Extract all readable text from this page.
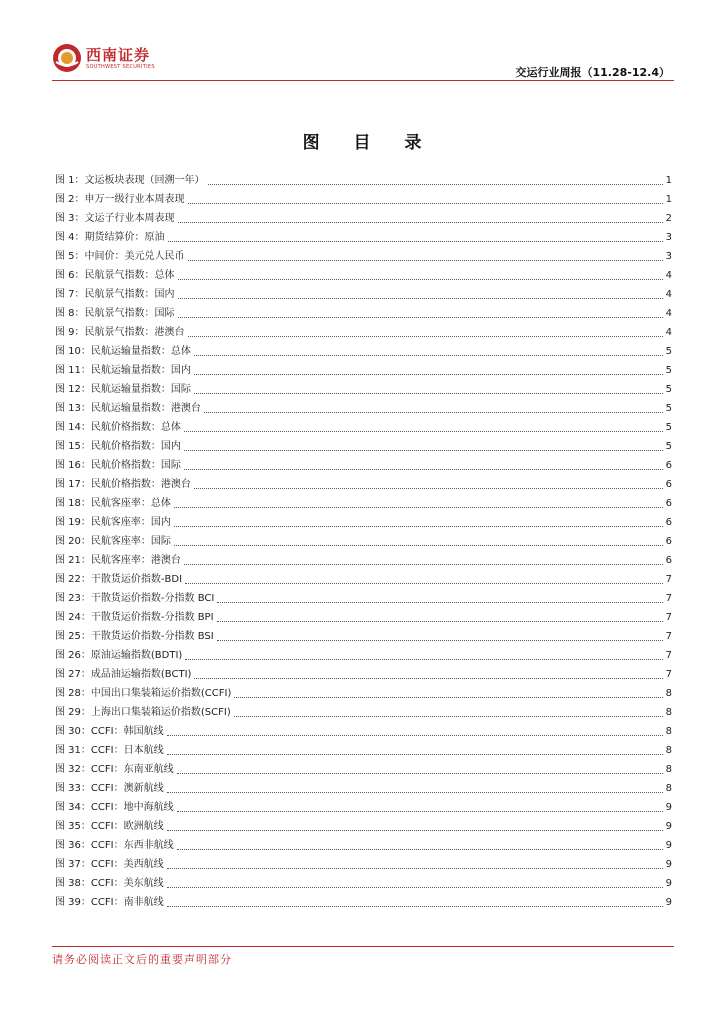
西南证券
SOUTHWEST SECURITIES	交运行业周报（11.28-12.4）
图 目 录
图 1：文运板块表现（回溯一年）	1
图 2：申万一级行业本周表现	1
图 3：文运子行业本周表现	2
图 4：期货结算价：原油	3
图 5：中间价：美元兑人民币	3
图 6：民航景气指数：总体	4
图 7：民航景气指数：国内	4
图 8：民航景气指数：国际	4
图 9：民航景气指数：港澳台	4
图 10：民航运输量指数：总体	5
图 11：民航运输量指数：国内	5
图 12：民航运输量指数：国际	5
图 13：民航运输量指数：港澳台	5
图 14：民航价格指数：总体	5
图 15：民航价格指数：国内	5
图 16：民航价格指数：国际	6
图 17：民航价格指数：港澳台	6
图 18：民航客座率：总体	6
图 19：民航客座率：国内	6
图 20：民航客座率：国际	6
图 21：民航客座率：港澳台	6
图 22：干散货运价指数-BDI	7
图 23：干散货运价指数-分指数 BCI	7
图 24：干散货运价指数-分指数 BPI	7
图 25：干散货运价指数-分指数 BSI	7
图 26：原油运输指数(BDTI)	7
图 27：成品油运输指数(BCTI)	7
图 28：中国出口集装箱运价指数(CCFI)	8
图 29：上海出口集装箱运价指数(SCFI)	8
图 30：CCFI：韩国航线	8
图 31：CCFI：日本航线	8
图 32：CCFI：东南亚航线	8
图 33：CCFI：澳新航线	8
图 34：CCFI：地中海航线	9
图 35：CCFI：欧洲航线	9
图 36：CCFI：东西非航线	9
图 37：CCFI：美西航线	9
图 38：CCFI：美东航线	9
图 39：CCFI：南非航线	9
请务必阅读正文后的重要声明部分
